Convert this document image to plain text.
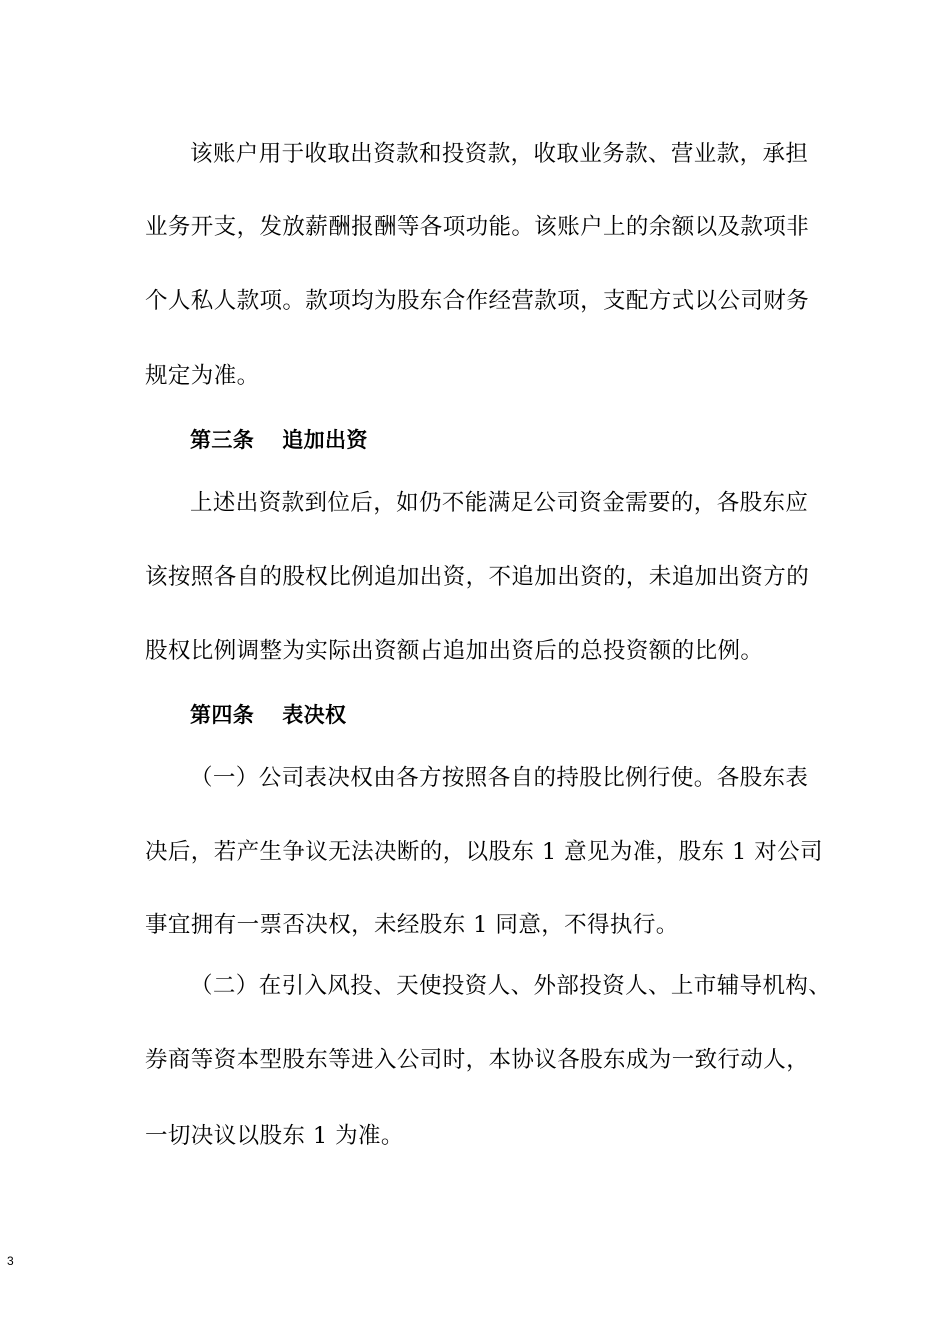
该账户用于收取出资款和投资款，收取业务款、营业款，承担
业务开支，发放薪酬报酬等各项功能。该账户上的余额以及款项非
个人私人款项。款项均为股东合作经营款项，支配方式以公司财务
规定为准。
第三条 追加出资
上述出资款到位后，如仍不能满足公司资金需要的，各股东应
该按照各自的股权比例追加出资，不追加出资的，未追加出资方的
股权比例调整为实际出资额占追加出资后的总投资额的比例。
第四条 表决权
（一）公司表决权由各方按照各自的持股比例行使。各股东表
决后，若产生争议无法决断的，以股东 1 意见为准，股东 1 对公司
事宜拥有一票否决权，未经股东 1 同意，不得执行。
（二）在引入风投、天使投资人、外部投资人、上市辅导机构、
券商等资本型股东等进入公司时，本协议各股东成为一致行动人，
一切决议以股东 1 为准。
3
